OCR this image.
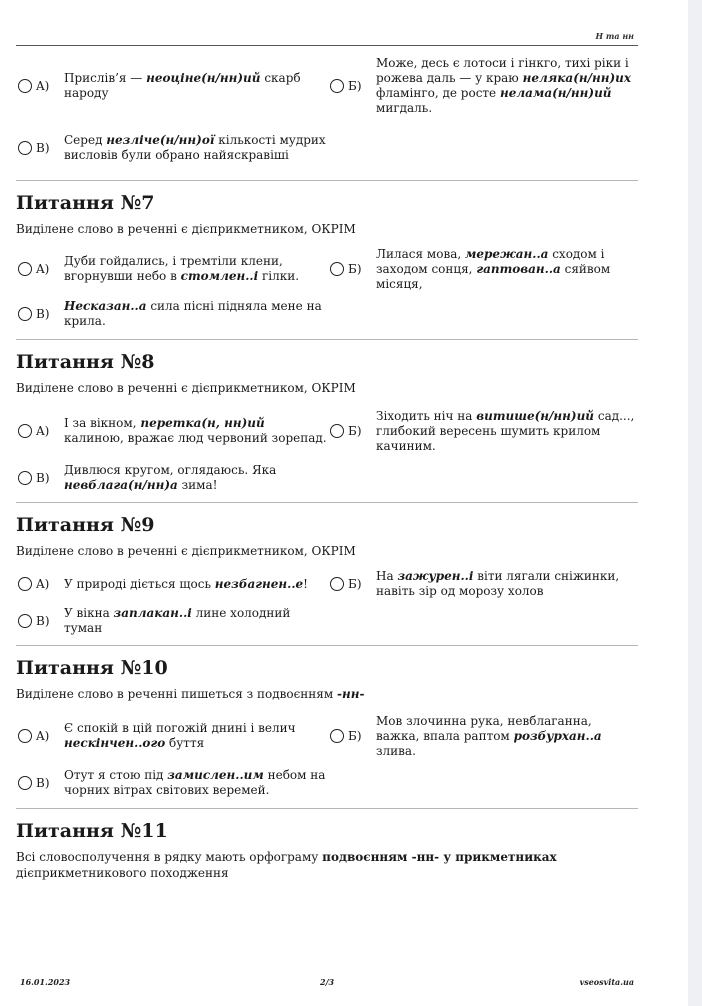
Н та нн
A)
Прислів’я — неоціне(н/нн)ий скарб народу
Б)
Може, десь є лотоси і гінкго, тихі ріки і рожева даль — у краю неляка(н/нн)их фламінго, де росте нелама(н/нн)ий мигдаль.
В)
Серед незліче(н/нн)ої кількості мудрих висловів були обрано найяскравіші
Питання №7
Виділене слово в реченні є дієприкметником, ОКРІМ
A)
Дуби гойдались, і тремтіли клени, вгорнувши небо в стомлен..і гілки.
Б)
Лилася мова, мережан..а сходом і заходом сонця, гаптован..а сяйвом місяця,
В)
Несказан..а сила пісні підняла мене на крила.
Питання №8
Виділене слово в реченні є дієприкметником, ОКРІМ
A)
І за вікном, перетка(н, нн)ий калиною, вражає люд червоний зорепад.
Б)
Зіходить ніч на витише(н/нн)ий сад..., глибокий вересень шумить крилом качиним.
В)
Дивлюся кругом, оглядаюсь. Яка невблага(н/нн)а зима!
Питання №9
Виділене слово в реченні є дієприкметником, ОКРІМ
A)	У природі діється щось незбагнен..е!	Б)
На зажурен..і віти лягали сніжинки, навіть зір од морозу холов
В)
У вікна заплакан..і лине холодний туман
Питання №10
Виділене слово в реченні пишеться з подвоєнням -нн-
A)
Є спокій в цій погожій днині і велич нескінчен..ого буття
Б)
Мов злочинна рука, невблаганна, важка, впала раптом розбурхан..а злива.
В)
Отут я стою під замислен..им небом на чорних вітрах світових веремей.
Питання №11
Всі словосполучення в рядку мають орфограму подвоєнням -нн- у прикметниках дієприкметникового походження
16.01.2023	2/3	vseosvita.ua
